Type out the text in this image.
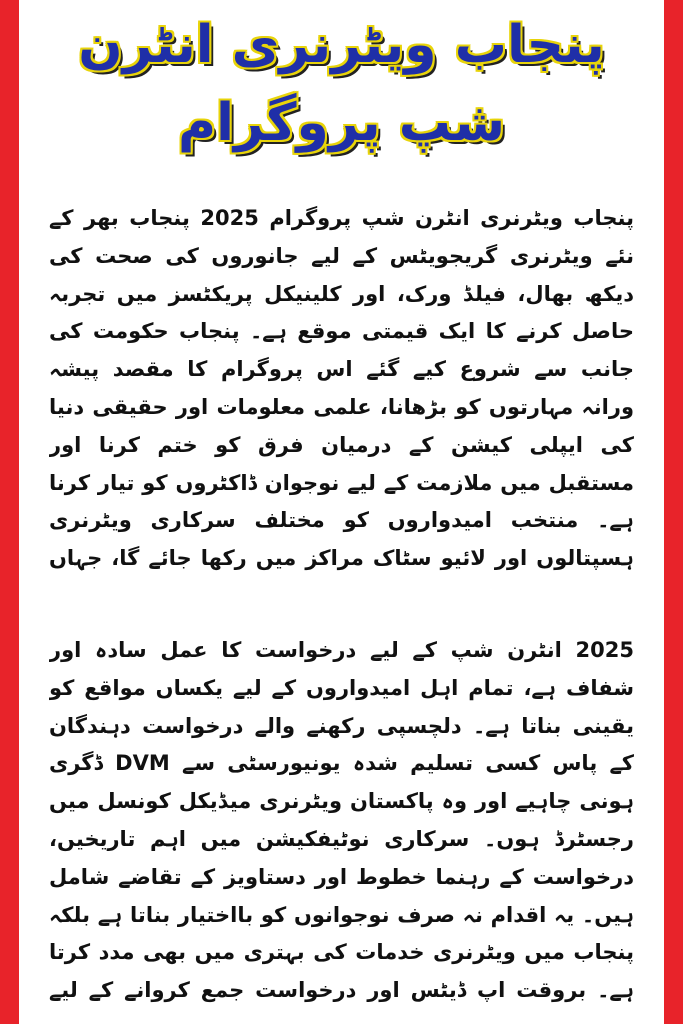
پنجاب ویٹرنری انٹرن شپ پروگرام

پنجاب ویٹرنری انٹرن شپ پروگرام 2025 پنجاب بھر کے نئے ویٹرنری گریجویٹس کے لیے جانوروں کی صحت کی دیکھ بھال، فیلڈ ورک، اور کلینیکل پریکٹسز میں تجربہ حاصل کرنے کا ایک قیمتی موقع ہے۔ پنجاب حکومت کی جانب سے شروع کیے گئے اس پروگرام کا مقصد پیشہ ورانہ مہارتوں کو بڑھانا، علمی معلومات اور حقیقی دنیا کی ایپلی کیشن کے درمیان فرق کو ختم کرنا اور مستقبل میں ملازمت کے لیے نوجوان ڈاکٹروں کو تیار کرنا ہے۔ منتخب امیدواروں کو مختلف سرکاری ویٹرنری ہسپتالوں اور لائیو سٹاک مراکز میں رکھا جائے گا، جہاں

2025 انٹرن شپ کے لیے درخواست کا عمل سادہ اور شفاف ہے، تمام اہل امیدواروں کے لیے یکساں مواقع کو یقینی بناتا ہے۔ دلچسپی رکھنے والے درخواست دہندگان کے پاس کسی تسلیم شدہ یونیورسٹی سے DVM ڈگری ہونی چاہیے اور وہ پاکستان ویٹرنری میڈیکل کونسل میں رجسٹرڈ ہوں۔ سرکاری نوٹیفکیشن میں اہم تاریخیں، درخواست کے رہنما خطوط اور دستاویز کے تقاضے شامل ہیں۔ یہ اقدام نہ صرف نوجوانوں کو بااختیار بناتا ہے بلکہ پنجاب میں ویٹرنری خدمات کی بہتری میں بھی مدد کرتا ہے۔ بروقت اپ ڈیٹس اور درخواست جمع کروانے کے لیے
